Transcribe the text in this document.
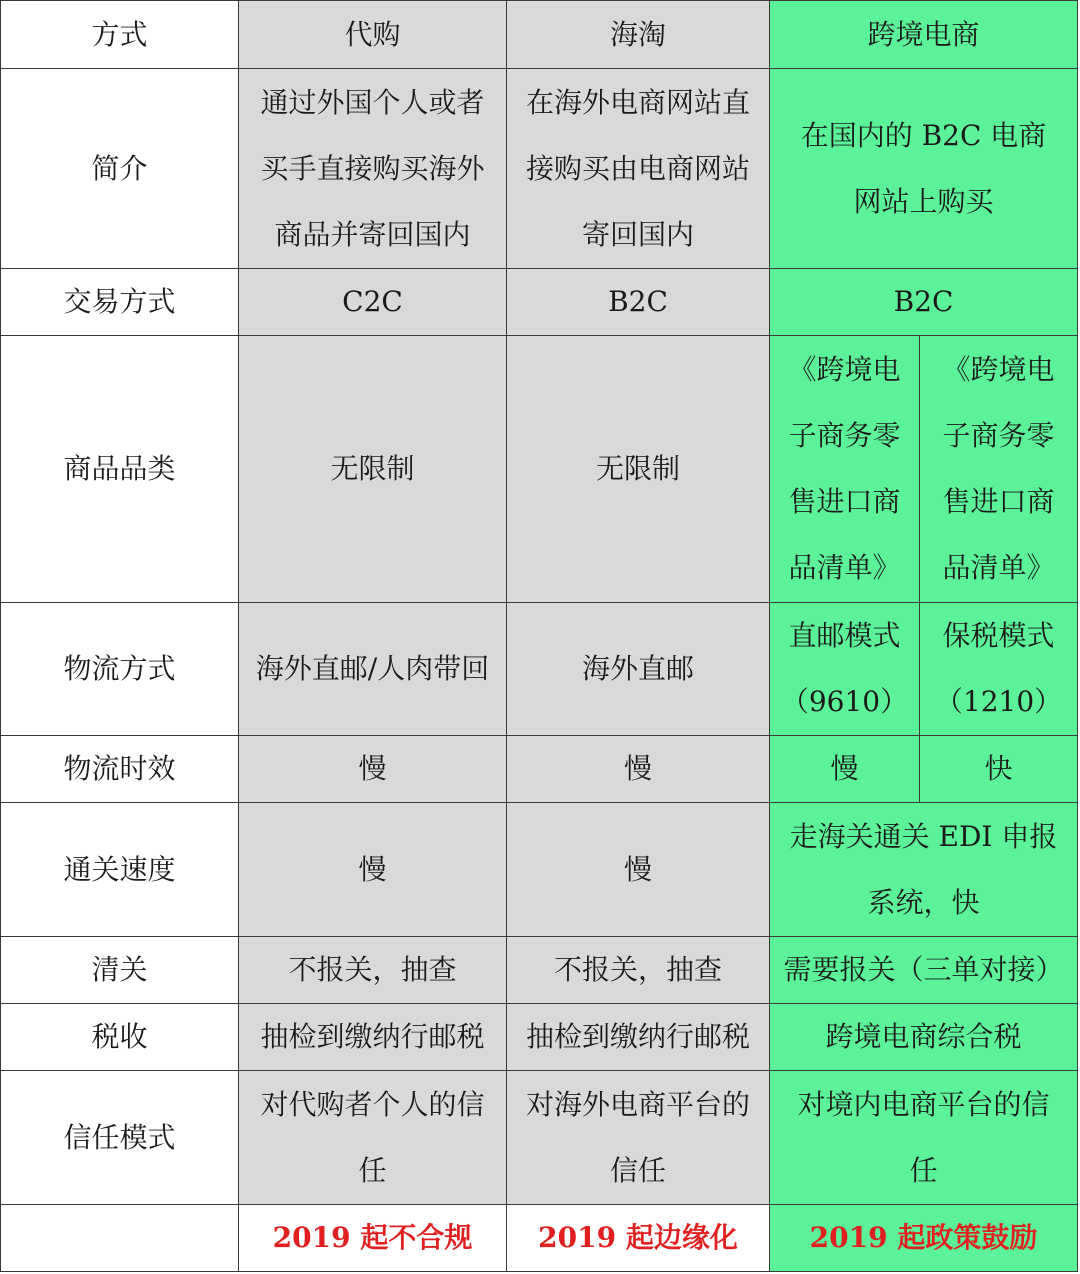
方式	代购	海淘	跨境电商	
简介	通过外国个人或者买手直接购买海外商品并寄回国内	在海外电商网站直接购买由电商网站寄回国内	在国内的 B2C 电商网站上购买	
交易方式	C2C	B2C	B2C	
商品品类	无限制	无限制	《跨境电子商务零售进口商品清单》	《跨境电子商务零售进口商品清单》
物流方式	海外直邮/人肉带回	海外直邮	直邮模式（9610）	保税模式（1210）
物流时效	慢	慢	慢	快
通关速度	慢	慢	走海关通关 EDI 申报系统，快	
清关	不报关，抽查	不报关，抽查	需要报关（三单对接）	
税收	抽检到缴纳行邮税	抽检到缴纳行邮税	跨境电商综合税	
信任模式	对代购者个人的信任	对海外电商平台的信任	对境内电商平台的信任	
	2019 起不合规	2019 起边缘化	2019 起政策鼓励	
